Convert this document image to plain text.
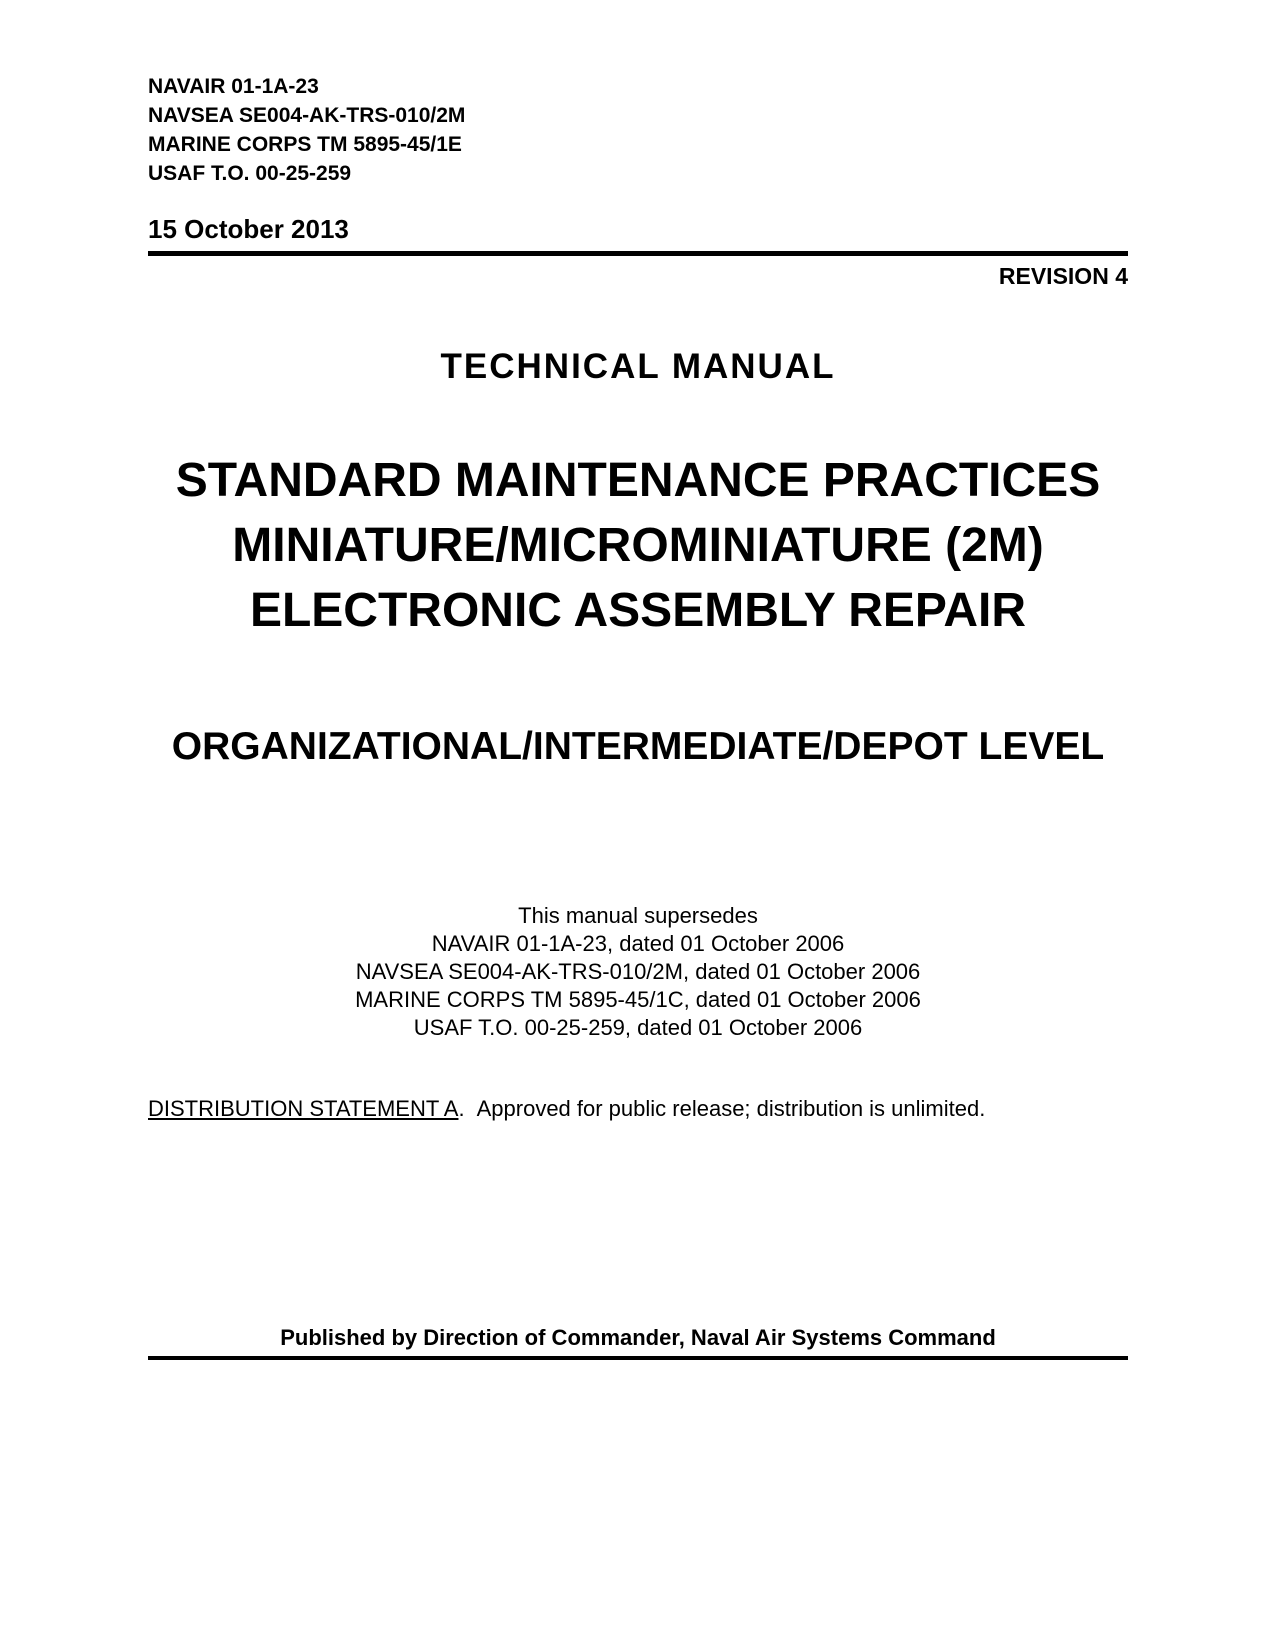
NAVAIR 01-1A-23
NAVSEA SE004-AK-TRS-010/2M
MARINE CORPS TM 5895-45/1E
USAF T.O. 00-25-259
15 October 2013
REVISION 4
TECHNICAL MANUAL
STANDARD MAINTENANCE PRACTICES
MINIATURE/MICROMINIATURE (2M)
ELECTRONIC ASSEMBLY REPAIR
ORGANIZATIONAL/INTERMEDIATE/DEPOT LEVEL
This manual supersedes
NAVAIR 01-1A-23, dated 01 October 2006
NAVSEA SE004-AK-TRS-010/2M, dated 01 October 2006
MARINE CORPS TM 5895-45/1C, dated 01 October 2006
USAF T.O. 00-25-259, dated 01 October 2006
DISTRIBUTION STATEMENT A. Approved for public release; distribution is unlimited.
Published by Direction of Commander, Naval Air Systems Command
